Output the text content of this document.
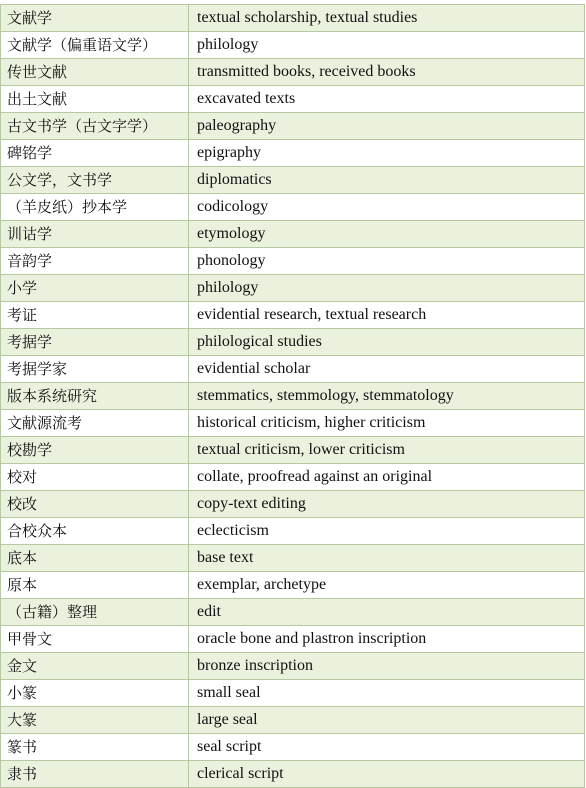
文献学	textual scholarship, textual studies
文献学（偏重语文学）	philology
传世文献	transmitted books, received books
出土文献	excavated texts
古文书学（古文字学）	paleography
碑铭学	epigraphy
公文学，文书学	diplomatics
（羊皮纸）抄本学	codicology
训诂学	etymology
音韵学	phonology
小学	philology
考证	evidential research, textual research
考据学	philological studies
考据学家	evidential scholar
版本系统研究	stemmatics, stemmology, stemmatology
文献源流考	historical criticism, higher criticism
校勘学	textual criticism, lower criticism
校对	collate, proofread against an original
校改	copy-text editing
合校众本	eclecticism
底本	base text
原本	exemplar, archetype
（古籍）整理	edit
甲骨文	oracle bone and plastron inscription
金文	bronze inscription
小篆	small seal
大篆	large seal
篆书	seal script
隶书	clerical script
